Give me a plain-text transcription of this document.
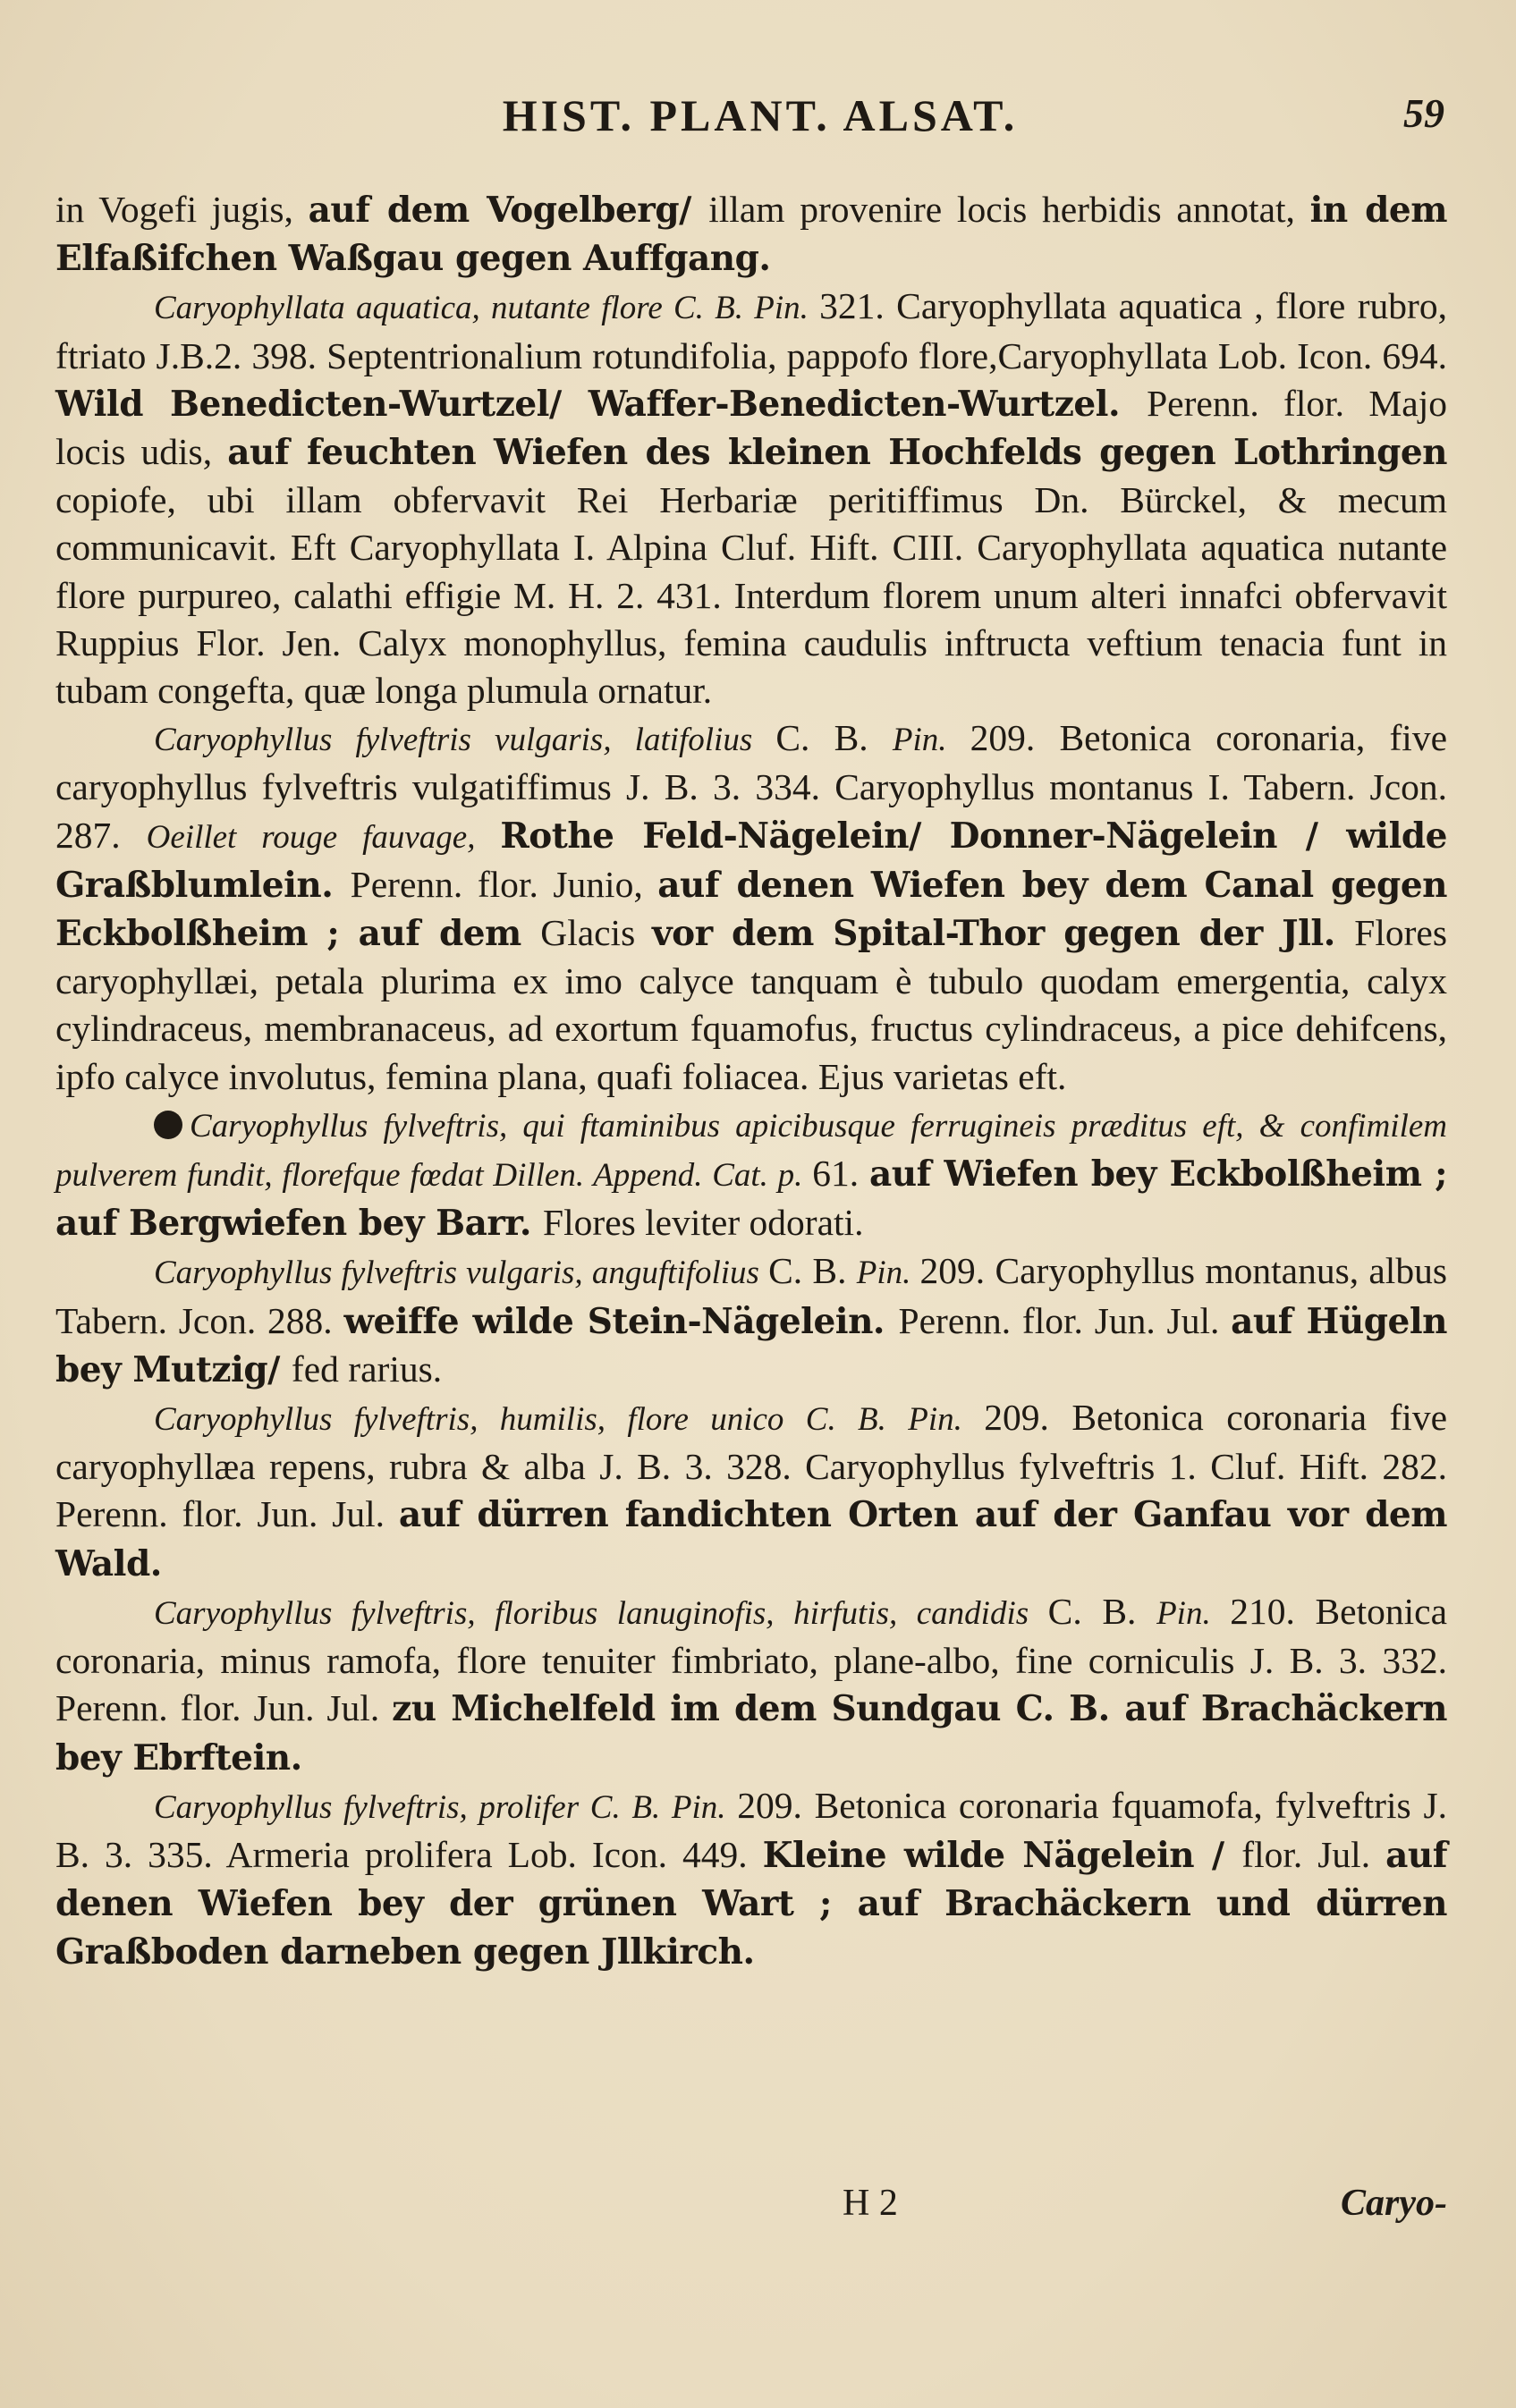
HIST. PLANT. ALSAT.	59

in Vogefi jugis, auf dem Vogelberg/ illam provenire locis herbidis annotat, in dem Elfaßifchen Waßgau gegen Auffgang.

Caryophyllata aquatica, nutante flore C. B. Pin. 321. Caryophyllata aquatica , flore rubro, ftriato J.B.2. 398. Septentrionalium rotundifolia, pappofo flore,Caryophyllata Lob. Icon. 694. Wild Benedicten-Wurtzel/ Waffer-Benedicten-Wurtzel. Perenn. flor. Majo locis udis, auf feuchten Wiefen des kleinen Hochfelds gegen Lothringen copiofe, ubi illam obfervavit Rei Herbariæ peritiffimus Dn. Bürckel, & mecum communicavit. Eft Caryophyllata I. Alpina Cluf. Hift. CIII. Caryophyllata aquatica nutante flore purpureo, calathi effigie M. H. 2. 431. Interdum florem unum alteri innafci obfervavit Ruppius Flor. Jen. Calyx monophyllus, femina caudulis inftructa veftium tenacia funt in tubam congefta, quæ longa plumula ornatur.

Caryophyllus fylveftris vulgaris, latifolius C. B. Pin. 209. Betonica coronaria, five caryophyllus fylveftris vulgatiffimus J. B. 3. 334. Caryophyllus montanus I. Tabern. Jcon. 287. Oeillet rouge fauvage, Rothe Feld-Nägelein/ Donner-Nägelein / wilde Graßblumlein. Perenn. flor. Junio, auf denen Wiefen bey dem Canal gegen Eckbolßheim ; auf dem Glacis vor dem Spital-Thor gegen der Jll. Flores caryophyllæi, petala plurima ex imo calyce tanquam è tubulo quodam emergentia, calyx cylindraceus, membranaceus, ad exortum fquamofus, fructus cylindraceus, a pice dehifcens, ipfo calyce involutus, femina plana, quafi foliacea. Ejus varietas eft.

Caryophyllus fylveftris, qui ftaminibus apicibusque ferrugineis præditus eft, & confimilem pulverem fundit, florefque fœdat Dillen. Append. Cat. p. 61. auf Wiefen bey Eckbolßheim ; auf Bergwiefen bey Barr. Flores leviter odorati.

Caryophyllus fylveftris vulgaris, anguftifolius C. B. Pin. 209. Caryophyllus montanus, albus Tabern. Jcon. 288. weiffe wilde Stein-Nägelein. Perenn. flor. Jun. Jul. auf Hügeln bey Mutzig/ fed rarius.

Caryophyllus fylveftris, humilis, flore unico C. B. Pin. 209. Betonica coronaria five caryophyllæa repens, rubra & alba J. B. 3. 328. Caryophyllus fylveftris 1. Cluf. Hift. 282. Perenn. flor. Jun. Jul. auf dürren fandichten Orten auf der Ganfau vor dem Wald.

Caryophyllus fylveftris, floribus lanuginofis, hirfutis, candidis C. B. Pin. 210. Betonica coronaria, minus ramofa, flore tenuiter fimbriato, plane-albo, fine corniculis J. B. 3. 332. Perenn. flor. Jun. Jul. zu Michelfeld im dem Sundgau C. B. auf Brachäckern bey Ebrftein.

Caryophyllus fylveftris, prolifer C. B. Pin. 209. Betonica coronaria fquamofa, fylveftris J. B. 3. 335. Armeria prolifera Lob. Icon. 449. Kleine wilde Nägelein / flor. Jul. auf denen Wiefen bey der grünen Wart ; auf Brachäckern und dürren Graßboden darneben gegen Jllkirch.

H 2	Caryo-
